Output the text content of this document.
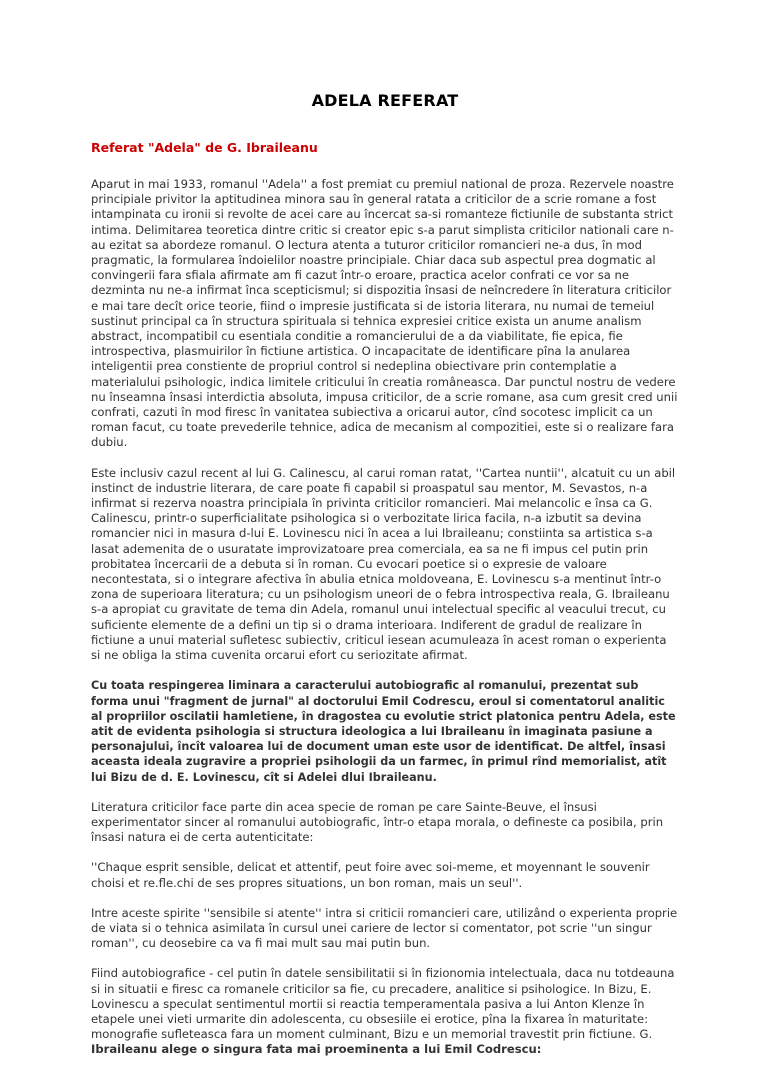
ADELA REFERAT
Referat "Adela" de G. Ibraileanu

Aparut in mai 1933, romanul ''Adela'' a fost premiat cu premiul national de proza. Rezervele noastre principiale privitor la aptitudinea minora sau în general ratata a criticilor de a scrie romane a fost intampinata cu ironii si revolte de acei care au încercat sa-si romanteze fictiunile de substanta strict intima. Delimitarea teoretica dintre critic si creator epic s-a parut simplista criticilor nationali care n-au ezitat sa abordeze romanul. O lectura atenta a tuturor criticilor romancieri ne-a dus, în mod pragmatic, la formularea îndoielilor noastre principiale. Chiar daca sub aspectul prea dogmatic al convingerii fara sfiala afirmate am fi cazut într-o eroare, practica acelor confrati ce vor sa ne dezminta nu ne-a infirmat înca scepticismul; si dispozitia însasi de neîncredere în literatura criticilor e mai tare decît orice teorie, fiind o impresie justificata si de istoria literara, nu numai de temeiul sustinut principal ca în structura spirituala si tehnica expresiei critice exista un anume analism abstract, incompatibil cu esentiala conditie a romancierului de a da viabilitate, fie epica, fie introspectiva, plasmuirilor în fictiune artistica. O incapacitate de identificare pîna la anularea inteligentii prea constiente de propriul control si nedeplina obiectivare prin contemplatie a materialului psihologic, indica limitele criticului în creatia româneasca. Dar punctul nostru de vedere nu înseamna însasi interdictia absoluta, impusa criticilor, de a scrie romane, asa cum gresit cred unii confrati, cazuti în mod firesc în vanitatea subiectiva a oricarui autor, cînd socotesc implicit ca un roman facut, cu toate prevederile tehnice, adica de mecanism al compozitiei, este si o realizare fara dubiu.

Este inclusiv cazul recent al lui G. Calinescu, al carui roman ratat, ''Cartea nuntii'', alcatuit cu un abil instinct de industrie literara, de care poate fi capabil si proaspatul sau mentor, M. Sevastos, n-a infirmat si rezerva noastra principiala în privinta criticilor romancieri. Mai melancolic e însa ca G. Calinescu, printr-o superficialitate psihologica si o verbozitate lirica facila, n-a izbutit sa devina romancier nici in masura d-lui E. Lovinescu nici în acea a lui Ibraileanu; constiinta sa artistica s-a lasat ademenita de o usuratate improvizatoare prea comerciala, ea sa ne fi impus cel putin prin probitatea încercarii de a debuta si în roman. Cu evocari poetice si o expresie de valoare necontestata, si o integrare afectiva în abulia etnica moldoveana, E. Lovinescu s-a mentinut într-o zona de superioara literatura; cu un psihologism uneori de o febra introspectiva reala, G. Ibraileanu s-a apropiat cu gravitate de tema din Adela, romanul unui intelectual specific al veacului trecut, cu suficiente elemente de a defini un tip si o drama interioara. Indiferent de gradul de realizare în fictiune a unui material sufletesc subiectiv, criticul iesean acumuleaza în acest roman o experienta si ne obliga la stima cuvenita orcarui efort cu seriozitate afirmat.

Cu toata respingerea liminara a caracterului autobiografic al romanului, prezentat sub forma unui "fragment de jurnal" al doctorului Emil Codrescu, eroul si comentatorul analitic al propriilor oscilatii hamletiene, în dragostea cu evolutie strict platonica pentru Adela, este atit de evidenta psihologia si structura ideologica a lui Ibraileanu în imaginata pasiune a personajului, încît valoarea lui de document uman este usor de identificat. De altfel, însasi aceasta ideala zugravire a propriei psihologii da un farmec, în primul rînd memorialist, atît lui Bizu de d. E. Lovinescu, cît si Adelei dlui Ibraileanu.

Literatura criticilor face parte din acea specie de roman pe care Sainte-Beuve, el însusi experimentator sincer al romanului autobiografic, într-o etapa morala, o defineste ca posibila, prin însasi natura ei de certa autenticitate:

''Chaque esprit sensible, delicat et attentif, peut foire avec soi-meme, et moyennant le souvenir choisi et re.fle.chi de ses propres situations, un bon roman, mais un seul''.

Intre aceste spirite ''sensibile si atente'' intra si criticii romancieri care, utilizând o experienta proprie de viata si o tehnica asimilata în cursul unei cariere de lector si comentator, pot scrie ''un singur roman'', cu deosebire ca va fi mai mult sau mai putin bun.

Fiind autobiografice - cel putin în datele sensibilitatii si în fizionomia intelectuala, daca nu totdeauna si in situatii e firesc ca romanele criticilor sa fie, cu precadere, analitice si psihologice. In Bizu, E. Lovinescu a speculat sentimentul mortii si reactia temperamentala pasiva a lui Anton Klenze în etapele unei vieti urmarite din adolescenta, cu obsesiile ei erotice, pîna la fixarea în maturitate: monografie sufleteasca fara un moment culminant, Bizu e un memorial travestit prin fictiune. G. Ibraileanu alege o singura fata mai proeminenta a lui Emil Codrescu:
